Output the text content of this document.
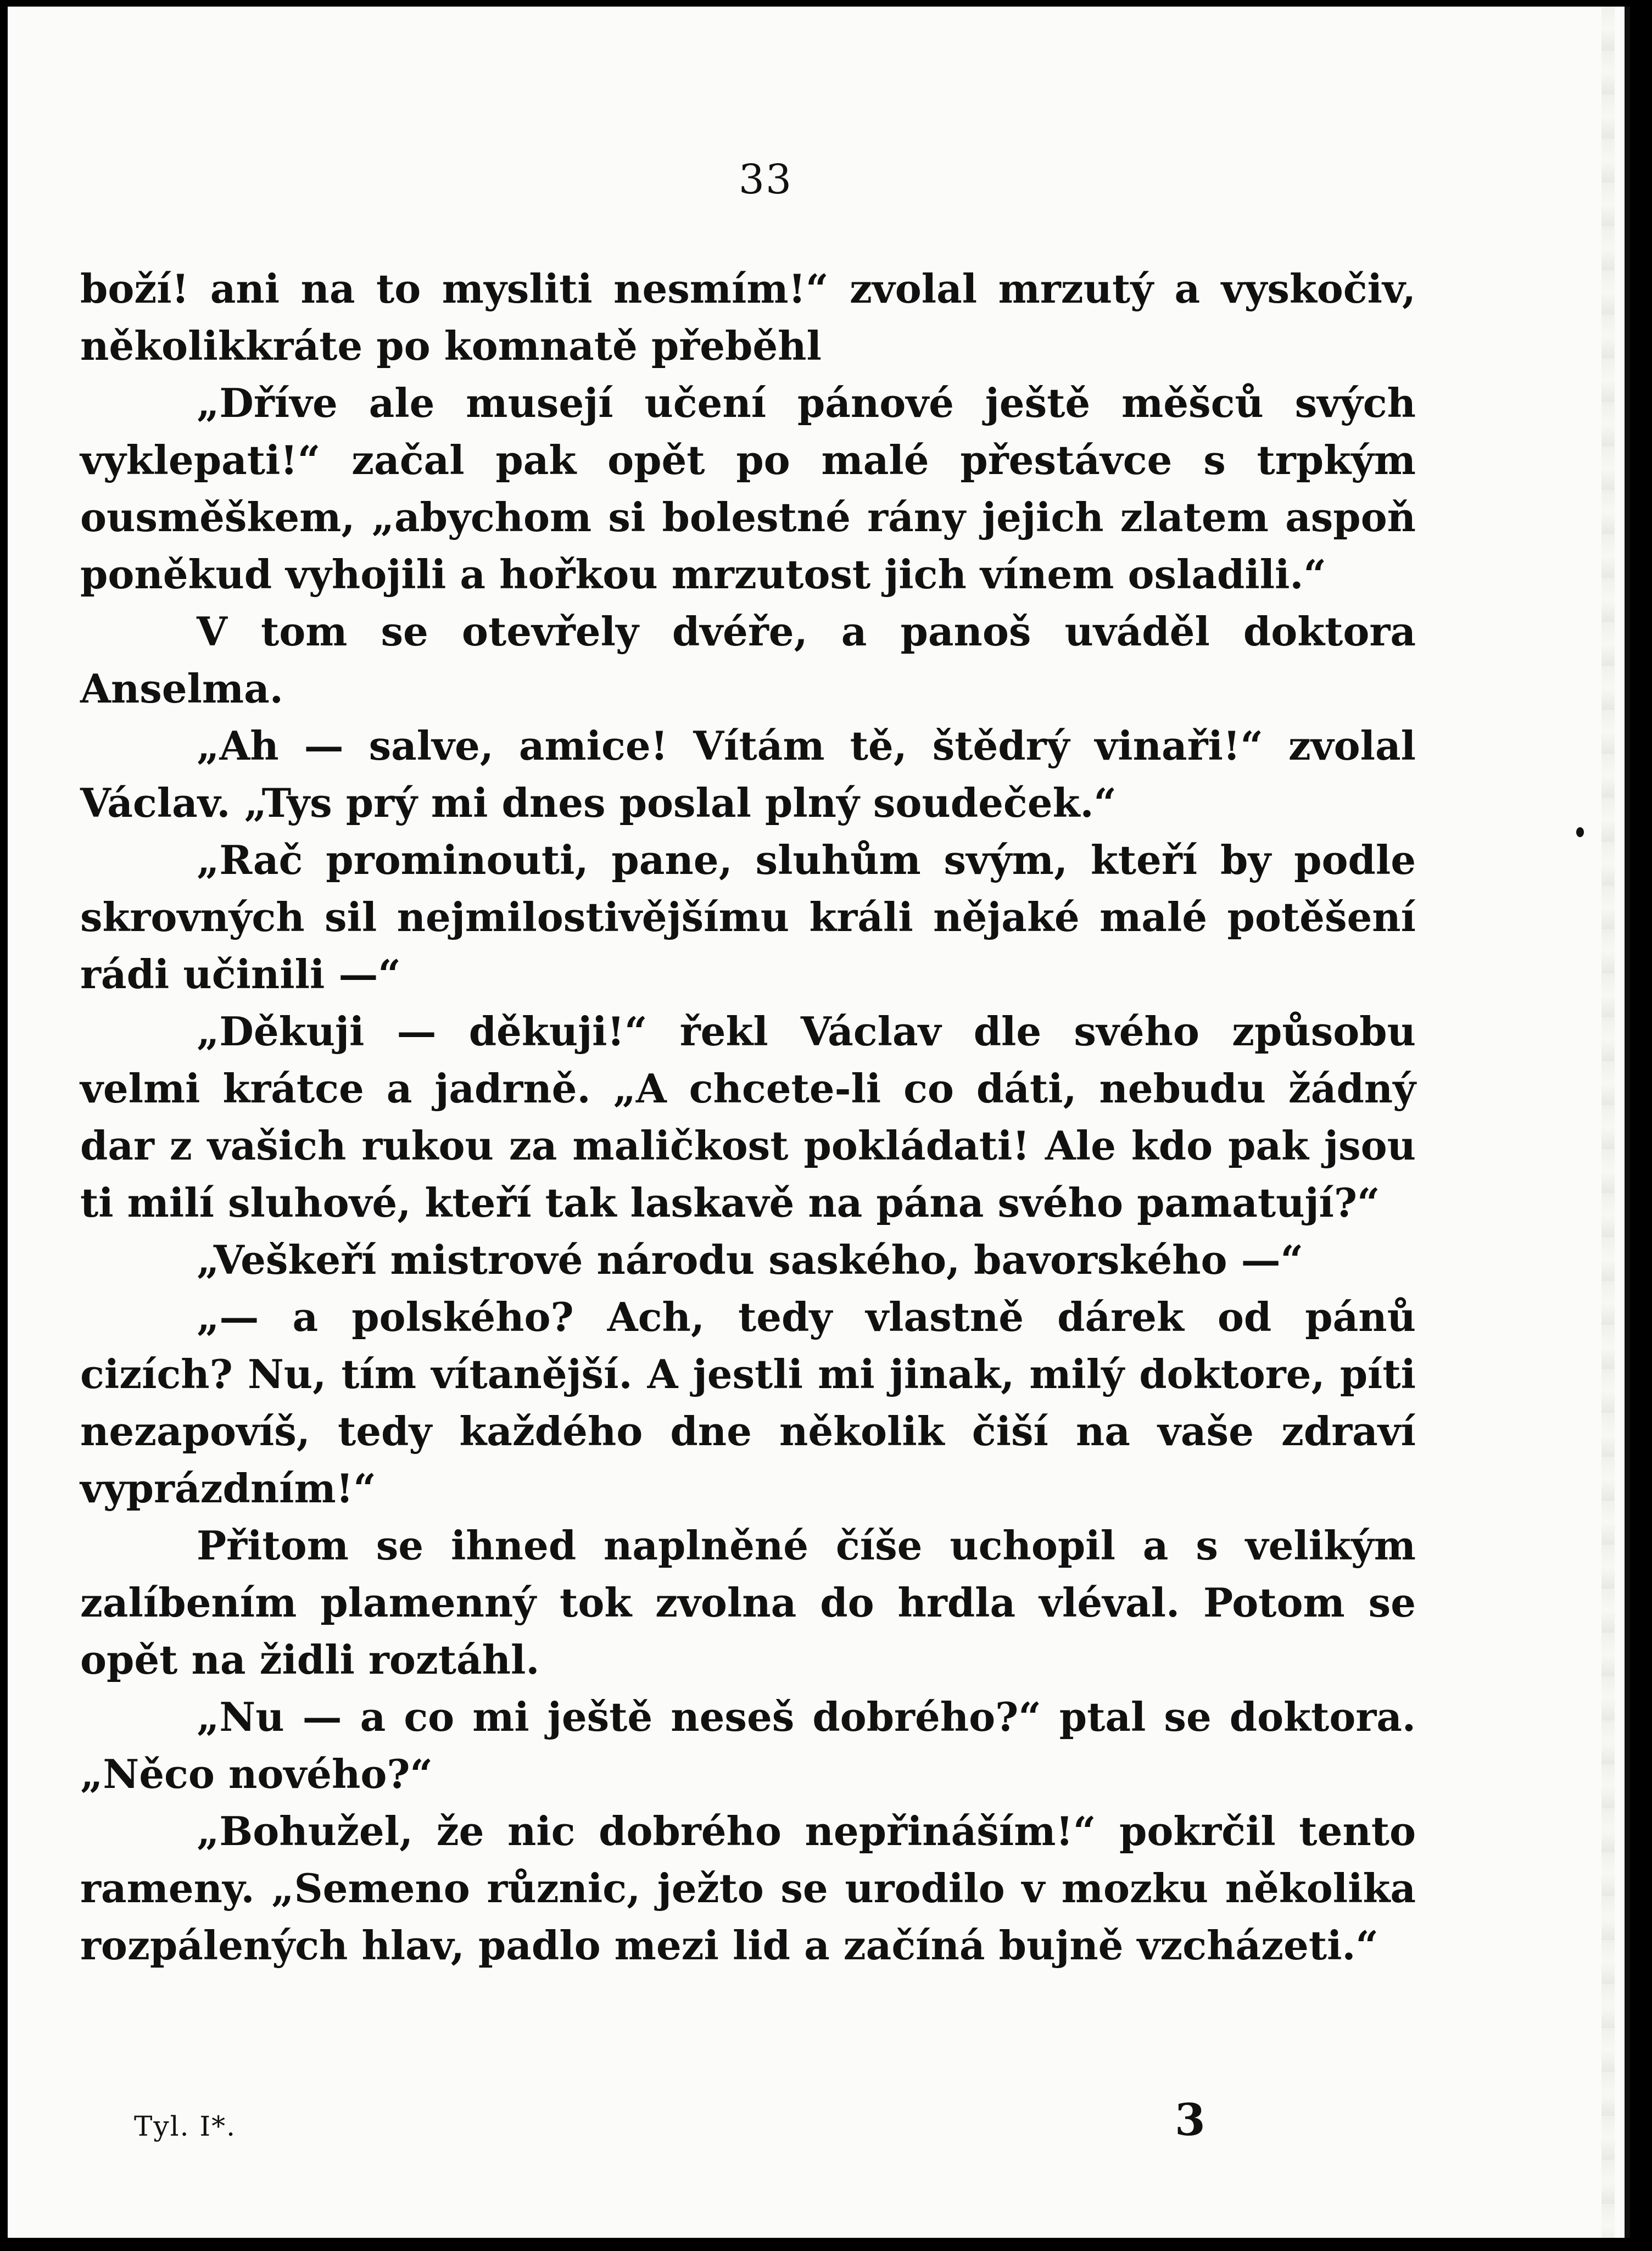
33

boží! ani na to mysliti nesmím!“ zvolal mrzutý a vyskočiv, několikkráte po komnatě přeběhl

„Dříve ale musejí učení pánové ještě měšců svých vyklepati!“ začal pak opět po malé přestávce s trpkým ousměškem, „abychom si bolestné rány jejich zlatem aspoň poněkud vyhojili a hořkou mrzutost jich vínem osladili.“

V tom se otevřely dvéře, a panoš uváděl doktora Anselma.

„Ah — salve, amice! Vítám tě, štědrý vinaři!“ zvolal Václav. „Tys prý mi dnes poslal plný soudeček.“

„Rač prominouti, pane, sluhům svým, kteří by podle skrovných sil nejmilostivějšímu králi nějaké malé potěšení rádi učinili —“

„Děkuji — děkuji!“ řekl Václav dle svého způsobu velmi krátce a jadrně. „A chcete-li co dáti, nebudu žádný dar z vašich rukou za maličkost pokládati! Ale kdo pak jsou ti milí sluhové, kteří tak laskavě na pána svého pamatují?“

„Veškeří mistrové národu saského, bavorského —“

„— a polského? Ach, tedy vlastně dárek od pánů cizích? Nu, tím vítanější. A jestli mi jinak, milý doktore, píti nezapovíš, tedy každého dne několik čiší na vaše zdraví vyprázdním!“

Přitom se ihned naplněné číše uchopil a s velikým zalíbením plamenný tok zvolna do hrdla vléval. Potom se opět na židli roztáhl.

„Nu — a co mi ještě neseš dobrého?“ ptal se doktora. „Něco nového?“

„Bohužel, že nic dobrého nepřináším!“ pokrčil tento rameny. „Semeno různic, ježto se urodilo v mozku několika rozpálených hlav, padlo mezi lid a začíná bujně vzcházeti.“

Tyl. I*.	3
